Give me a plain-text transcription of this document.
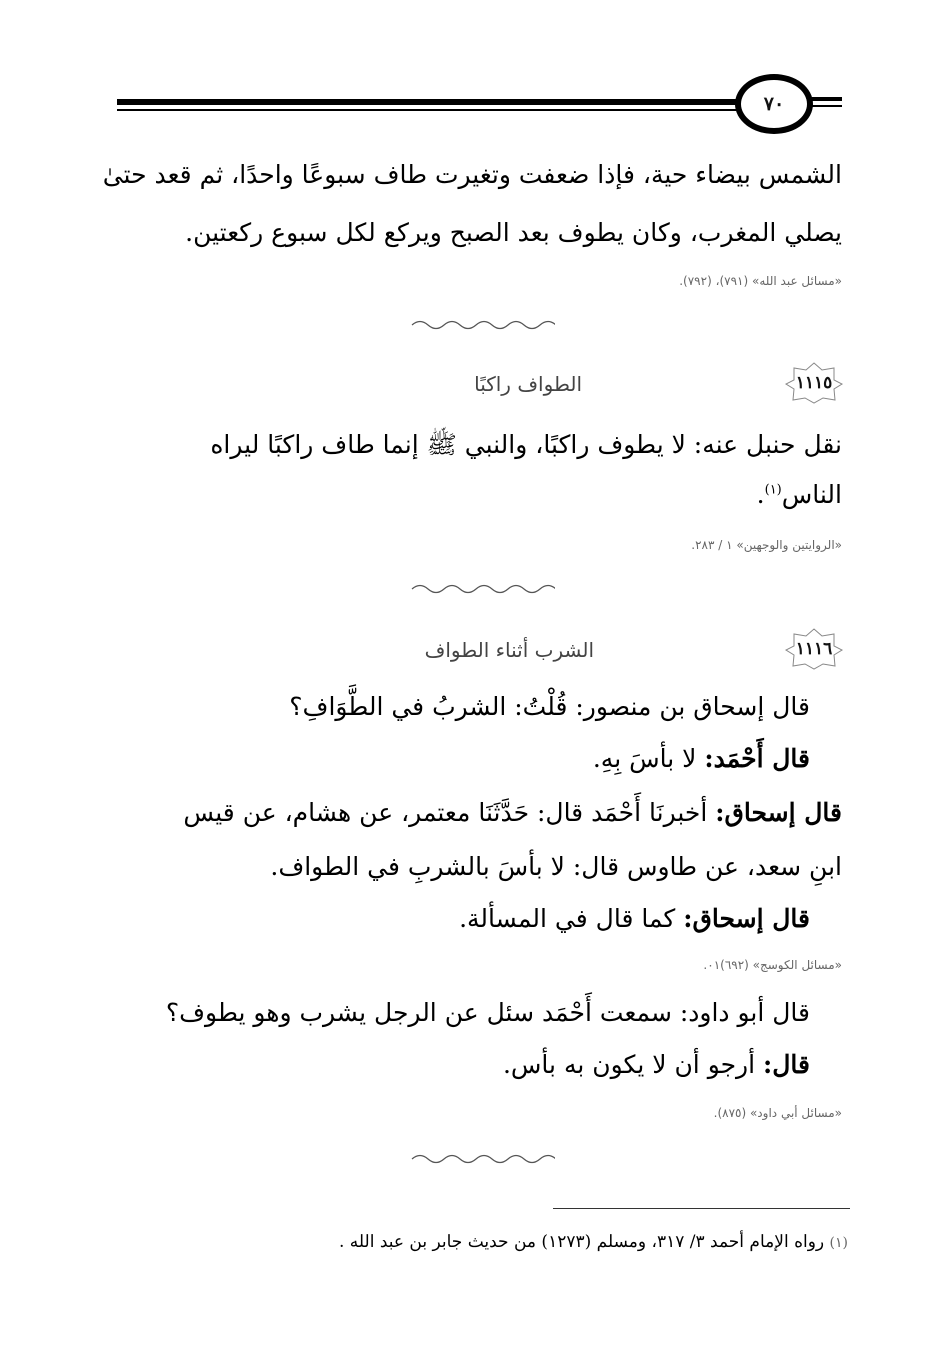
٧٠
الشمس بيضاء حية، فإذا ضعفت وتغيرت طاف سبوعًا واحدًا، ثم قعد حتىٰ
يصلي المغرب، وكان يطوف بعد الصبح ويركع لكل سبوع ركعتين.
«مسائل عبد الله» (٧٩١)، (٧٩٢).
١١١٥
الطواف راكبًا
نقل حنبل عنه: لا يطوف راكبًا، والنبي ﷺ إنما طاف راكبًا ليراه
الناس$^{(١)}$.
«الروايتين والوجهين» ١ / ٢٨٣.
١١١٦
الشرب أثناء الطواف
قال إسحاق بن منصور: قُلْتُ: الشربُ في الطَّوَافِ؟
قال أَحْمَد: لا بأسَ بِهِ.
قال إسحاق: أخبرنَا أَحْمَد قال: حَدَّثَنَا معتمر، عن هشام، عن قيس
ابنِ سعد، عن طاوس قال: لا بأسَ بالشربِ في الطواف.
قال إسحاق: كما قال في المسألة.
«مسائل الكوسج» (٦٩٢)٠١.
قال أبو داود: سمعت أَحْمَد سئل عن الرجل يشرب وهو يطوف؟
قال: أرجو أن لا يكون به بأس.
«مسائل أبي داود» (٨٧٥).
(١) رواه الإمام أحمد ٣/ ٣١٧، ومسلم (١٢٧٣) من حديث جابر بن عبد الله .
